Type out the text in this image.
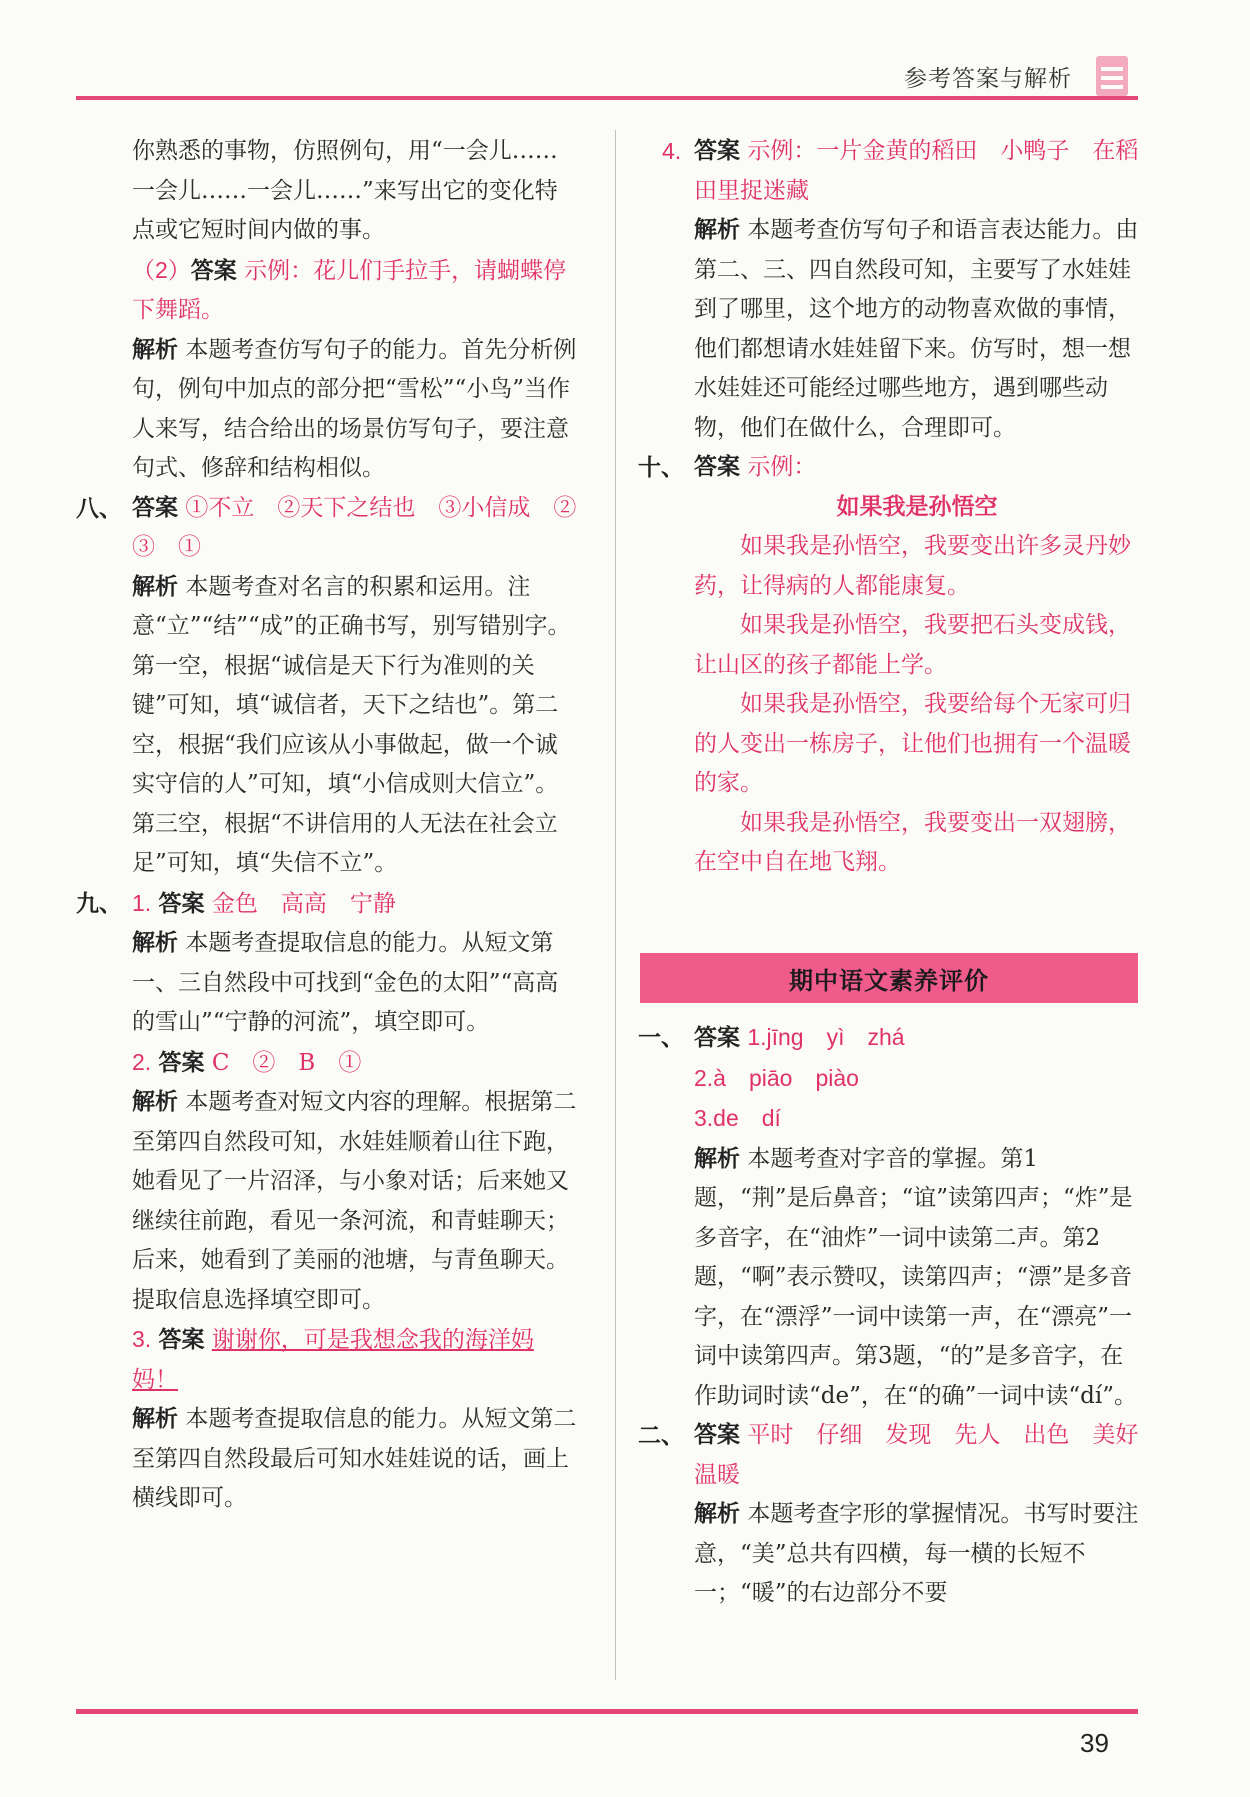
参考答案与解析

你熟悉的事物，仿照例句，用“一会儿……一会儿……一会儿……”来写出它的变化特点或它短时间内做的事。

（2）答案 示例：花儿们手拉手，请蝴蝶停下舞蹈。

解析 本题考查仿写句子的能力。首先分析例句，例句中加点的部分把“雪松”“小鸟”当作人来写，结合给出的场景仿写句子，要注意句式、修辞和结构相似。

八、 答案 ①不立　②天下之结也　③小信成　②　③　①

解析 本题考查对名言的积累和运用。注意“立”“结”“成”的正确书写，别写错别字。第一空，根据“诚信是天下行为准则的关键”可知，填“诚信者，天下之结也”。第二空，根据“我们应该从小事做起，做一个诚实守信的人”可知，填“小信成则大信立”。第三空，根据“不讲信用的人无法在社会立足”可知，填“失信不立”。

九、 1. 答案 金色　高高　宁静

解析 本题考查提取信息的能力。从短文第一、三自然段中可找到“金色的太阳”“高高的雪山”“宁静的河流”，填空即可。

2. 答案 C　②　B　①

解析 本题考查对短文内容的理解。根据第二至第四自然段可知，水娃娃顺着山往下跑，她看见了一片沼泽，与小象对话；后来她又继续往前跑，看见一条河流，和青蛙聊天；后来，她看到了美丽的池塘，与青鱼聊天。提取信息选择填空即可。

3. 答案 谢谢你，可是我想念我的海洋妈妈！

解析 本题考查提取信息的能力。从短文第二至第四自然段最后可知水娃娃说的话，画上横线即可。

4. 答案 示例：一片金黄的稻田　小鸭子　在稻田里捉迷藏

解析 本题考查仿写句子和语言表达能力。由第二、三、四自然段可知，主要写了水娃娃到了哪里，这个地方的动物喜欢做的事情，他们都想请水娃娃留下来。仿写时，想一想水娃娃还可能经过哪些地方，遇到哪些动物，他们在做什么，合理即可。

十、 答案 示例：

如果我是孙悟空

如果我是孙悟空，我要变出许多灵丹妙药，让得病的人都能康复。

如果我是孙悟空，我要把石头变成钱，让山区的孩子都能上学。

如果我是孙悟空，我要给每个无家可归的人变出一栋房子，让他们也拥有一个温暖的家。

如果我是孙悟空，我要变出一双翅膀，在空中自在地飞翔。

期中语文素养评价

一、 答案 1.jīng　yì　zhá

2.à　piāo　piào

3.de　dí

解析 本题考查对字音的掌握。第1题，“荆”是后鼻音；“谊”读第四声；“炸”是多音字，在“油炸”一词中读第二声。第2题，“啊”表示赞叹，读第四声；“漂”是多音字，在“漂浮”一词中读第一声，在“漂亮”一词中读第四声。第3题，“的”是多音字，在作助词时读“de”，在“的确”一词中读“dí”。

二、 答案 平时　仔细　发现　先人　出色　美好　温暖

解析 本题考查字形的掌握情况。书写时要注意，“美”总共有四横，每一横的长短不一；“暖”的右边部分不要

39
